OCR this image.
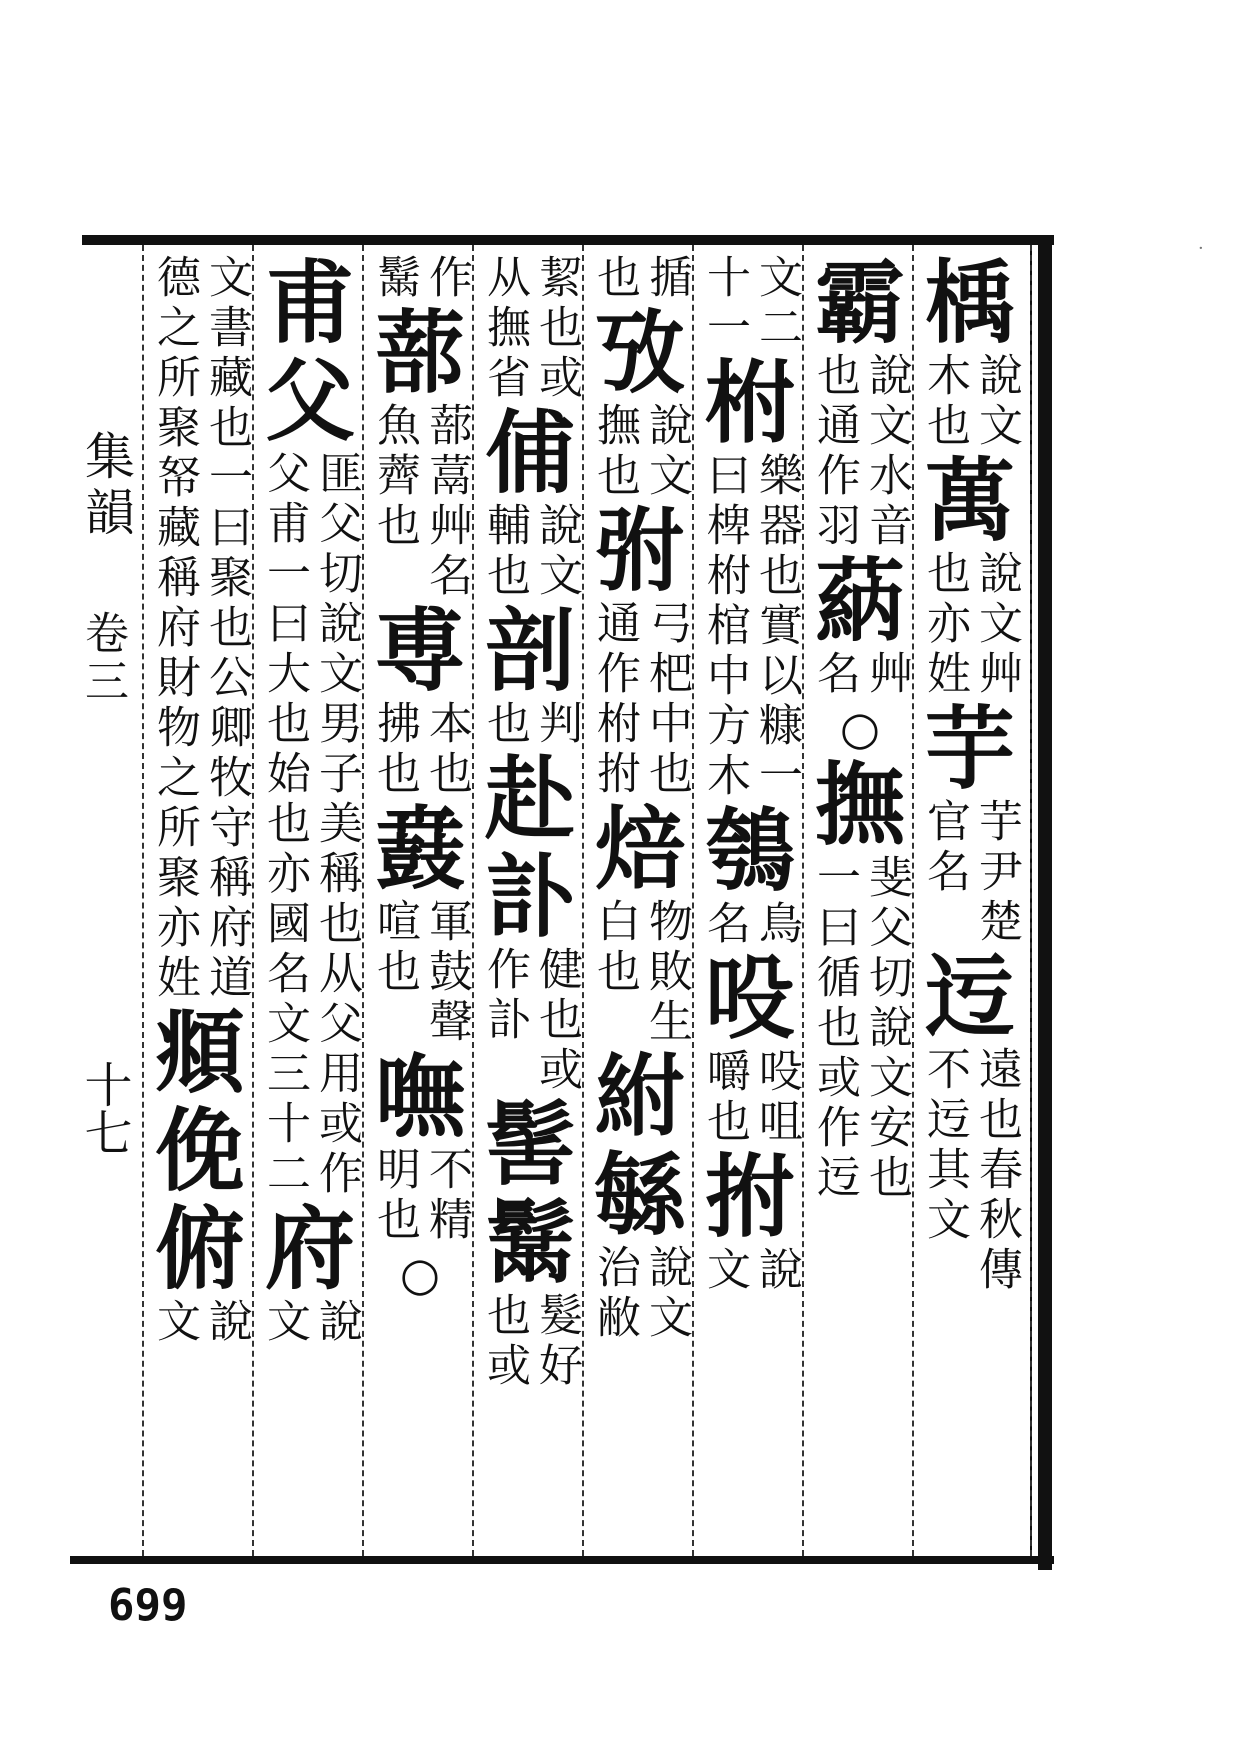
楀
說文
木也
萬
說文艸
也亦姓
芋
芋尹楚
官名
迃
遠也春秋傳
不迃其文
霸
說文水音
也通作羽
蒳
艸
名
○
撫
斐父切說文安也
一曰循也或作迃
文二
十一
柎
樂器也實以糠一
曰椑柎棺中方木
鴮
鳥
名
吺
吺咀
嚼也
拊
說
文
揗
也
攷
說文
撫也
弣
弓杷中也
通作柎拊
焙
物敗生
白也
紨
緐
說文
治敝
絜也或
从撫省
俌
說文
輔也
剖
判
也
赴
訃
健也或
作訃
髺
鬗
髮好
也或
作
鬗
蔀
蔀蒚艸名
魚薺也
尃
本也
拂也
鼖
軍鼓聲
喧也
嘸
不精
明也
○
甫
父
匪父切說文男子美稱也从父用或作
父甫一曰大也始也亦國名文三十二
府
說
文
文書藏也一曰聚也公卿牧守稱府道
德之所聚帑藏稱府財物之所聚亦姓
頫
俛
俯
說
文
集韻
卷三
十七
699
·
